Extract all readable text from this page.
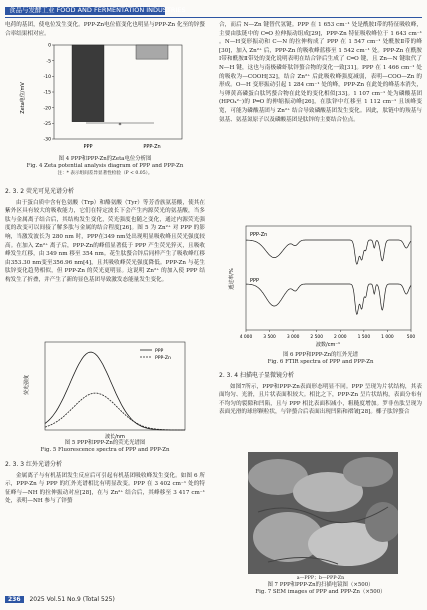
食品与发酵工业 FOOD AND FERMENTATION INDUSTRIES

电荷的基团，使电位发生变化。PPP-Zn电位值变化也明显与PPP-Zn 化至的锌螯合率结果相对应。

Zeta电位/mV
0
-5
-10
-15
-20
-25
-30
*
PPP	PPP-Zn
图 4 PPP和PPP-Zn的Zeta电位分析图
Fig. 4 Zeta potential analysis diagram of PPP and PPP-Zn
注：* 表示组间差异显著性检验（P < 0.05）。
2. 3. 2 荧光可见光谱分析

由于蛋白质中含有色氨酸（Trp）和酪氨酸（Tyr）等芳香族氨基酸，使其在紫外区具有较大的吸收能力，它们在特定波长下会产生内源荧光的氨基酸，当多肽与金属离子结合后，其结构发生变化，荧光强度也随之变化，通过内源荧光强度的改变可以间接了解多肽与金属的结合程度[26]。图 5 为 Zn²⁺ 对 PPP 的影响，当激发波长为 280 nm 时，PPP在349 nm处出现明显吸收峰且荧光强度较高。在加入 Zn²⁺ 离子后，PPP-Zn的峰值显著低于 PPP 产生荧光猝灭，且吸收峰发生红移，由 349 nm 移至 354 nm。花生肽螯合锌后同样产生了吸收峰红移由353.30 nm变至356.96 nm[4]，且其吸收峰荧光强度降低。PPP-Zn 与花生肽锌变化趋势相似，但 PPP-Zn 的荧光更明显。这说明 Zn²⁺ 的加入使 PPP 结构发生了折叠，并产生了新的显色基团导致激发态能量发生变化。

荧光强度
波长/nm
PPP
PPP-Zn
图 5 PPP和PPP-Zn的荧光光谱图
Fig. 5 Fluorescence spectra of PPP and PPP-Zn
2. 3. 3 红外光谱分析

金属离子与有机基团发生反应后可引起有机基团吸收峰发生变化。如图 6 所示，PPP-Zn 与 PPP 的红外光谱相比有明显改变。PPP 在 3 402 cm⁻¹ 处的特征峰与—NH 的拉伸振动对应[28]，在与 Zn²⁺ 结合后，其峰移至 3 417 cm⁻¹ 处，表明—NH 参与了锌螯

合，而后 N—Zn 键替代氢键。PPP 在 1 653 cm⁻¹ 处是酰胺Ⅰ带的特征吸收峰，主要由肽链中的 C═O 拉伸振动组成[29]，PPP-Zn 特征吸收峰位于 1 643 cm⁻¹ 。N—H变形振动和 C—N 的拉伸构成了 PPP 在 1 547 cm⁻¹ 处酰胺Ⅱ带的峰[30]，加入 Zn²⁺ 后，PPP-Zn 的吸收峰蓝移至 1 542 cm⁻¹ 处。PPP-Zn 在酰胺Ⅰ带和酰胺Ⅱ带处的变化说明表明在结合锌后生成了 C═O 键，且 Zn—N 键取代了 N—H 键，这也与南极磷虾肽锌螯合物的变化一致[31]。PPP 在 1 466 cm⁻¹ 处的吸收为—COOH[32]，结合 Zn²⁺ 后此吸收峰强度减弱，表明—COO—Zn 的形成。O—H 变形振动引起 1 284 cm⁻¹ 处的峰，PPP-Zn 在此处的峰基本消失，与卵黄高磷蛋白肽钙螯合物在此处的变化相似[33]。1 107 cm⁻¹ 处为磷酸基团(HPO₄²⁻)的 P═O 的伸缩振动峰[26]，在肽锌中红移至 1 112 cm⁻¹ 且该峰变宽，可能为磷酸基团与 Zn²⁺ 结合导致磷酸基团发生变化。因此，肽链中的羧基与氨基、氨基氮原子以及磷酸基团是肽锌的主要结合位点。

透过率/%
PPP-Zn
PPP
4 000 3 500 3 000 2 500 2 000 1 500 1 000	500
波数/cm⁻¹
图 6 PPP和PPP-Zn的红外光谱
Fig. 6 FTIR spectra of PPP and PPP-Zn
2. 3. 4 扫描电子显微镜分析

如图7所示，PPP和PPP-Zn表面形态明显不同。PPP 呈现为片状结构，其表面均匀、光滑，且片状表面积较大。相比之下，PPP-Zn 呈片状结构，表面分布有不均匀的裂隙和凹陷，且与 PPP 相比表面积减小，粗糙度增加。罗非鱼肽呈现为表面光滑的球形颗粒状，与锌螯合后表面出现凹陷和褶皱[28]。椰子肽锌螯合

a—PPP；b—PPP-Zn
图 7 PPP和PPP-Zn的扫描电镜图（×500）
Fig. 7 SEM images of PPP and PPP-Zn（×500）
236 2025 Vol.51 No.9 (Total 525)
